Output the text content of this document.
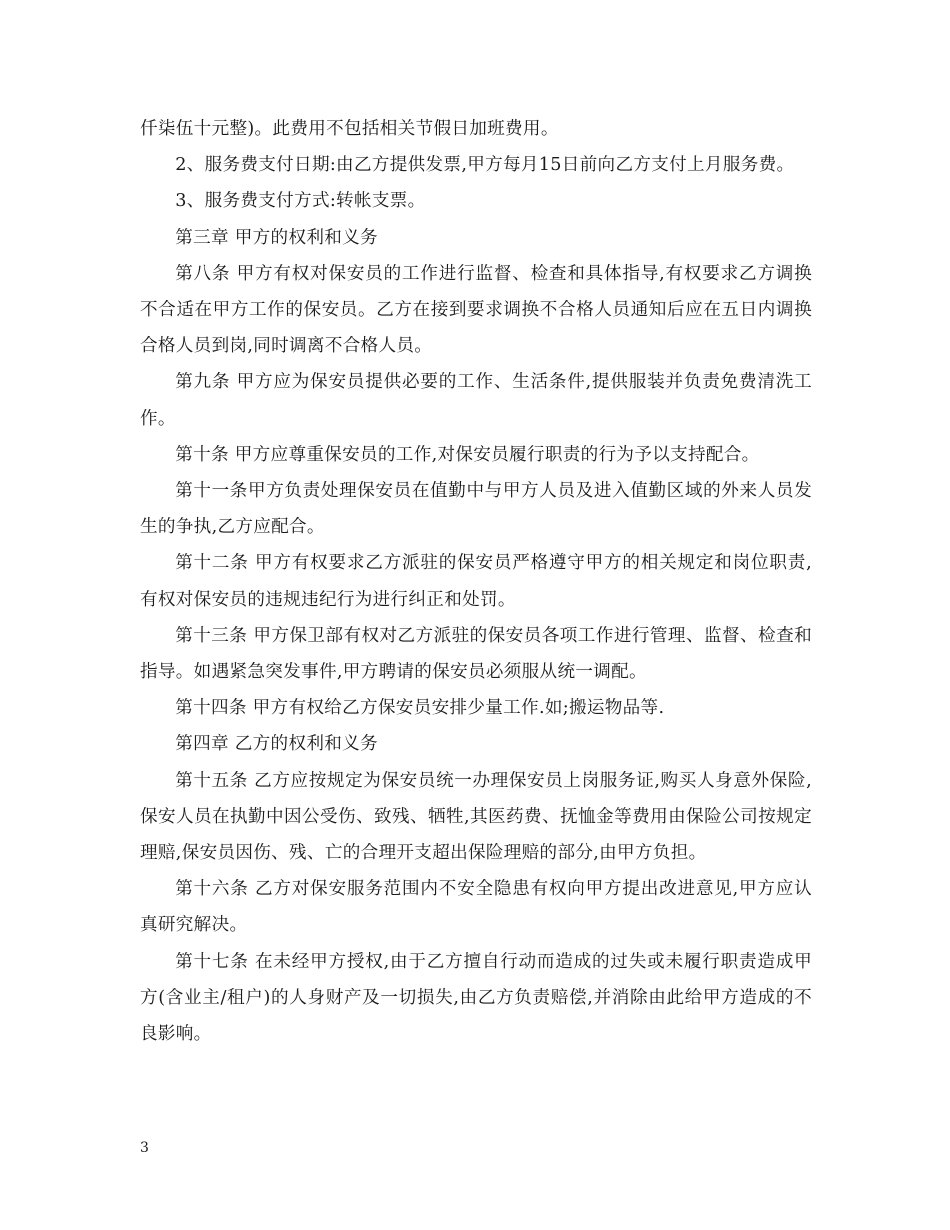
仟柒伍十元整)。此费用不包括相关节假日加班费用。

2、服务费支付日期:由乙方提供发票,甲方每月15日前向乙方支付上月服务费。

3、服务费支付方式:转帐支票。

第三章 甲方的权利和义务

第八条 甲方有权对保安员的工作进行监督、检查和具体指导,有权要求乙方调换不合适在甲方工作的保安员。乙方在接到要求调换不合格人员通知后应在五日内调换合格人员到岗,同时调离不合格人员。

第九条 甲方应为保安员提供必要的工作、生活条件,提供服装并负责免费清洗工作。

第十条 甲方应尊重保安员的工作,对保安员履行职责的行为予以支持配合。

第十一条甲方负责处理保安员在值勤中与甲方人员及进入值勤区域的外来人员发生的争执,乙方应配合。

第十二条 甲方有权要求乙方派驻的保安员严格遵守甲方的相关规定和岗位职责,有权对保安员的违规违纪行为进行纠正和处罚。

第十三条 甲方保卫部有权对乙方派驻的保安员各项工作进行管理、监督、检查和指导。如遇紧急突发事件,甲方聘请的保安员必须服从统一调配。

第十四条 甲方有权给乙方保安员安排少量工作.如;搬运物品等.

第四章 乙方的权利和义务

第十五条 乙方应按规定为保安员统一办理保安员上岗服务证,购买人身意外保险,保安人员在执勤中因公受伤、致残、牺牲,其医药费、抚恤金等费用由保险公司按规定理赔,保安员因伤、残、亡的合理开支超出保险理赔的部分,由甲方负担。

第十六条 乙方对保安服务范围内不安全隐患有权向甲方提出改进意见,甲方应认真研究解决。

第十七条 在未经甲方授权,由于乙方擅自行动而造成的过失或未履行职责造成甲方(含业主/租户)的人身财产及一切损失,由乙方负责赔偿,并消除由此给甲方造成的不良影响。

3
